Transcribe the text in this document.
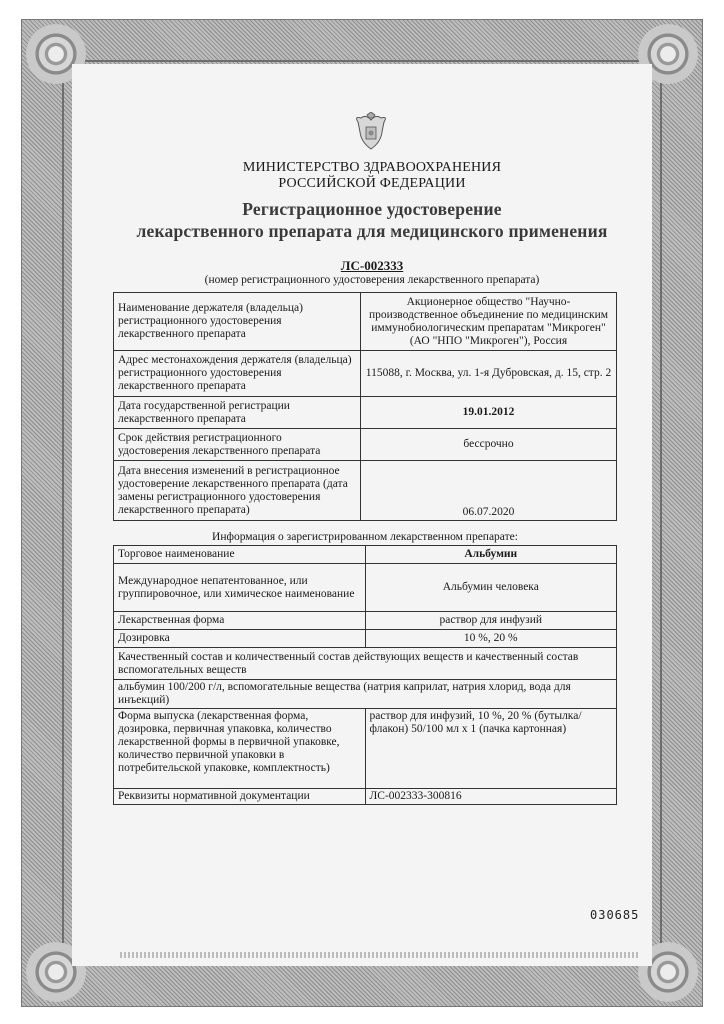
МИНИСТЕРСТВО ЗДРАВООХРАНЕНИЯ
РОССИЙСКОЙ ФЕДЕРАЦИИ
Регистрационное удостоверение
лекарственного препарата для медицинского применения
ЛС-002333
(номер регистрационного удостоверения лекарственного препарата)
Наименование держателя (владельца) регистрационного удостоверения лекарственного препарата	Акционерное общество "Научно-производственное объединение по медицинским иммунобиологическим препаратам "Микроген" (АО "НПО "Микроген"), Россия
Адрес местонахождения держателя (владельца) регистрационного удостоверения лекарственного препарата	115088, г. Москва, ул. 1-я Дубровская, д. 15, стр. 2
Дата государственной регистрации лекарственного препарата	19.01.2012
Срок действия регистрационного удостоверения лекарственного препарата	бессрочно
Дата внесения изменений в регистрационное удостоверение лекарственного препарата (дата замены регистрационного удостоверения лекарственного препарата)	06.07.2020
Информация о зарегистрированном лекарственном препарате:	
Торговое наименование	Альбумин
Международное непатентованное, или группировочное, или химическое наименование	Альбумин человека
Лекарственная форма	раствор для инфузий
Дозировка	10 %, 20 %
Качественный состав и количественный состав действующих веществ и качественный состав вспомогательных веществ	
альбумин 100/200 г/л, вспомогательные вещества (натрия каприлат, натрия хлорид, вода для инъекций)	
Форма выпуска (лекарственная форма, дозировка, первичная упаковка, количество лекарственной формы в первичной упаковке, количество первичной упаковки в потребительской упаковке, комплектность)	раствор для инфузий, 10 %, 20 % (бутылка/флакон) 50/100 мл x 1 (пачка картонная)
Реквизиты нормативной документации	ЛС-002333-300816
030685
